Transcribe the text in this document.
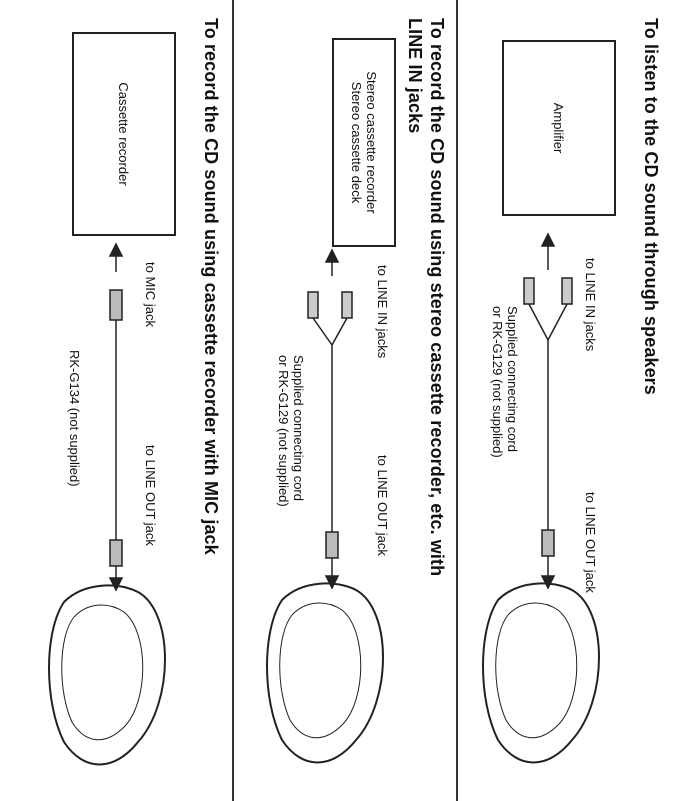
To listen to the CD sound through speakers
Amplifier
to LINE IN jacks
to LINE OUT jack
Supplied connecting cord
or RK-G129 (not supplied)
To record the CD sound using stereo cassette recorder, etc. with
LINE IN jacks
Stereo cassette recorder
Stereo cassette deck
to LINE IN jacks
to LINE OUT jack
Supplied connecting cord
or RK-G129 (not supplied)
To record the CD sound using cassette recorder with MIC jack
Cassette recorder
to MIC jack
to LINE OUT jack
RK-G134 (not supplied)
